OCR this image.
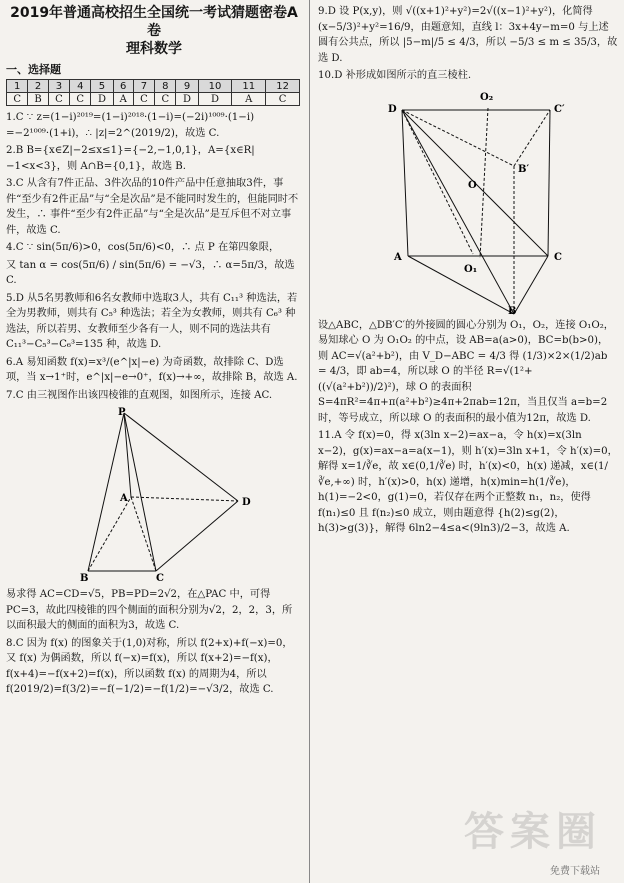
2019年普通高校招生全国统一考试猜题密卷A卷
理科数学
一、选择题
1	2	3	4	5	6	7	8	9	10	11	12
C	B	C	C	D	A	C	C	D	D	A	C

1.C ∵ z=(1−i)²⁰¹⁹=(1−i)²⁰¹⁸·(1−i)=(−2i)¹⁰⁰⁹·(1−i) =−2¹⁰⁰⁹·(1+i)，∴ |z|=2^(2019/2)，故选 C.

2.B B={x∈Z|−2≤x≤1}={−2,−1,0,1}，A={x∈R|−1<x<3}，则 A∩B={0,1}，故选 B.

3.C 从含有7件正品、3件次品的10件产品中任意抽取3件，事件“至少有2件正品”与“全是次品”是不能同时发生的，但能同时不发生，∴ 事件“至少有2件正品”与“全是次品”是互斥但不对立事件，故选 C.

4.C ∵ sin(5π/6)>0，cos(5π/6)<0，∴ 点 P 在第四象限，

又 tan α = cos(5π/6) / sin(5π/6) = −√3，∴ α=5π/3，故选 C.

5.D 从5名男教师和6名女教师中选取3人，共有 C₁₁³ 种选法，若全为男教师，则共有 C₅³ 种选法；若全为女教师，则共有 C₆³ 种选法，所以若男、女教师至少各有一人，则不同的选法共有 C₁₁³−C₅³−C₆³=135 种，故选 D.

6.A 易知函数 f(x)=x³/(e^|x|−e) 为奇函数，故排除 C、D选项，当 x→1⁺时，e^|x|−e→0⁺，f(x)→+∞，故排除 B，故选 A.

7.C 由三视图作出该四棱锥的直观图，如图所示，连接 AC.

P
A	D
B	C

易求得 AC=CD=√5，PB=PD=2√2，在△PAC 中，可得 PC=3，故此四棱锥的四个侧面的面积分别为√2，2，2，3，所以面积最大的侧面的面积为3，故选 C.

8.C 因为 f(x) 的图象关于(1,0)对称，所以 f(2+x)+f(−x)=0，又 f(x) 为偶函数，所以 f(−x)=f(x)，所以 f(x+2)=−f(x)，f(x+4)=−f(x+2)=f(x)，所以函数 f(x) 的周期为4，所以 f(2019/2)=f(3/2)=−f(−1/2)=−f(1/2)=−√3/2，故选 C.

9.D 设 P(x,y)，则 √((x+1)²+y²)=2√((x−1)²+y²)，化简得 (x−5/3)²+y²=16/9，由题意知，直线 l：3x+4y−m=0 与上述圆有公共点，所以 |5−m|/5 ≤ 4/3，所以 −5/3 ≤ m ≤ 35/3，故选 D.

10.D 补形成如图所示的直三棱柱.

D	C′
O₂
B′
O
A
O₁
C
B

设△ABC，△DB′C′的外接圆的圆心分别为 O₁，O₂，连接 O₁O₂，易知球心 O 为 O₁O₂ 的中点，设 AB=a(a>0)，BC=b(b>0)，则 AC=√(a²+b²)，由 V_D−ABC = 4/3 得 (1/3)×2×(1/2)ab = 4/3，即 ab=4，所以球 O 的半径 R=√(1²+((√(a²+b²))/2)²)，球 O 的表面积 S=4πR²=4π+π(a²+b²)≥4π+2πab=12π，当且仅当 a=b=2 时，等号成立，所以球 O 的表面积的最小值为12π，故选 D.

11.A 令 f(x)=0，得 x(3ln x−2)=ax−a，令 h(x)=x(3ln x−2)，g(x)=ax−a=a(x−1)，则 h′(x)=3ln x+1，令 h′(x)=0，解得 x=1/∛e，故 x∈(0,1/∛e) 时，h′(x)<0，h(x) 递减，x∈(1/∛e,+∞) 时，h′(x)>0，h(x) 递增，h(x)min=h(1/∛e)，h(1)=−2<0，g(1)=0，若仅存在两个正整数 n₁，n₂，使得 f(n₁)≤0 且 f(n₂)≤0 成立，则由题意得 {h(2)≤g(2)，h(3)>g(3)}，解得 6ln2−4≤a<(9ln3)/2−3，故选 A.

答案圈
免费下载站
